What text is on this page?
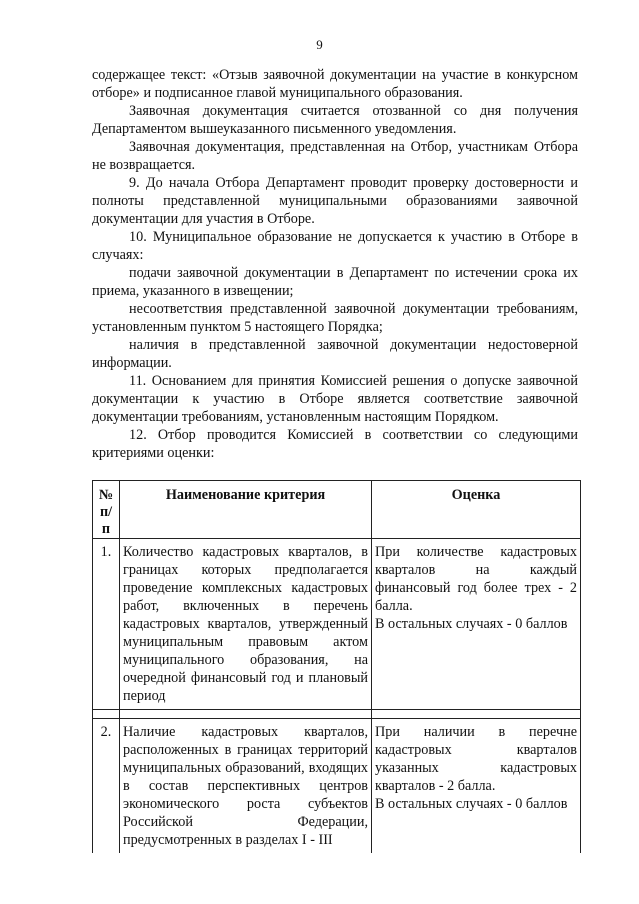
9

содержащее текст: «Отзыв заявочной документации на участие в конкурсном отборе» и подписанное главой муниципального образования.

Заявочная документация считается отозванной со дня получения Департаментом вышеуказанного письменного уведомления.

Заявочная документация, представленная на Отбор, участникам Отбора не возвращается.

9. До начала Отбора Департамент проводит проверку достоверности и полноты представленной муниципальными образованиями заявочной документации для участия в Отборе.

10. Муниципальное образование не допускается к участию в Отборе в случаях:

подачи заявочной документации в Департамент по истечении срока их приема, указанного в извещении;

несоответствия представленной заявочной документации требованиям, установленным пунктом 5 настоящего Порядка;

наличия в представленной заявочной документации недостоверной информации.

11. Основанием для принятия Комиссией решения о допуске заявочной документации к участию в Отборе является соответствие заявочной документации требованиям, установленным настоящим Порядком.

12. Отбор проводится Комиссией в соответствии со следующими критериями оценки:

№ п/п	Наименование критерия	Оценка
1.	Количество кадастровых кварталов, в границах которых предполагается проведение комплексных кадастровых работ, включенных в перечень кадастровых кварталов, утвержденный муниципальным правовым актом муниципального образования, на очередной финансовый год и плановый период	При количестве кадастровых кварталов на каждый финансовый год более трех - 2 балла.
В остальных случаях - 0 баллов

2.	Наличие кадастровых кварталов, расположенных в границах территорий муниципальных образований, входящих в состав перспективных центров экономического роста субъектов Российской Федерации, предусмотренных в разделах I - III	При наличии в перечне кадастровых кварталов указанных кадастровых кварталов - 2 балла.
В остальных случаях - 0 баллов
